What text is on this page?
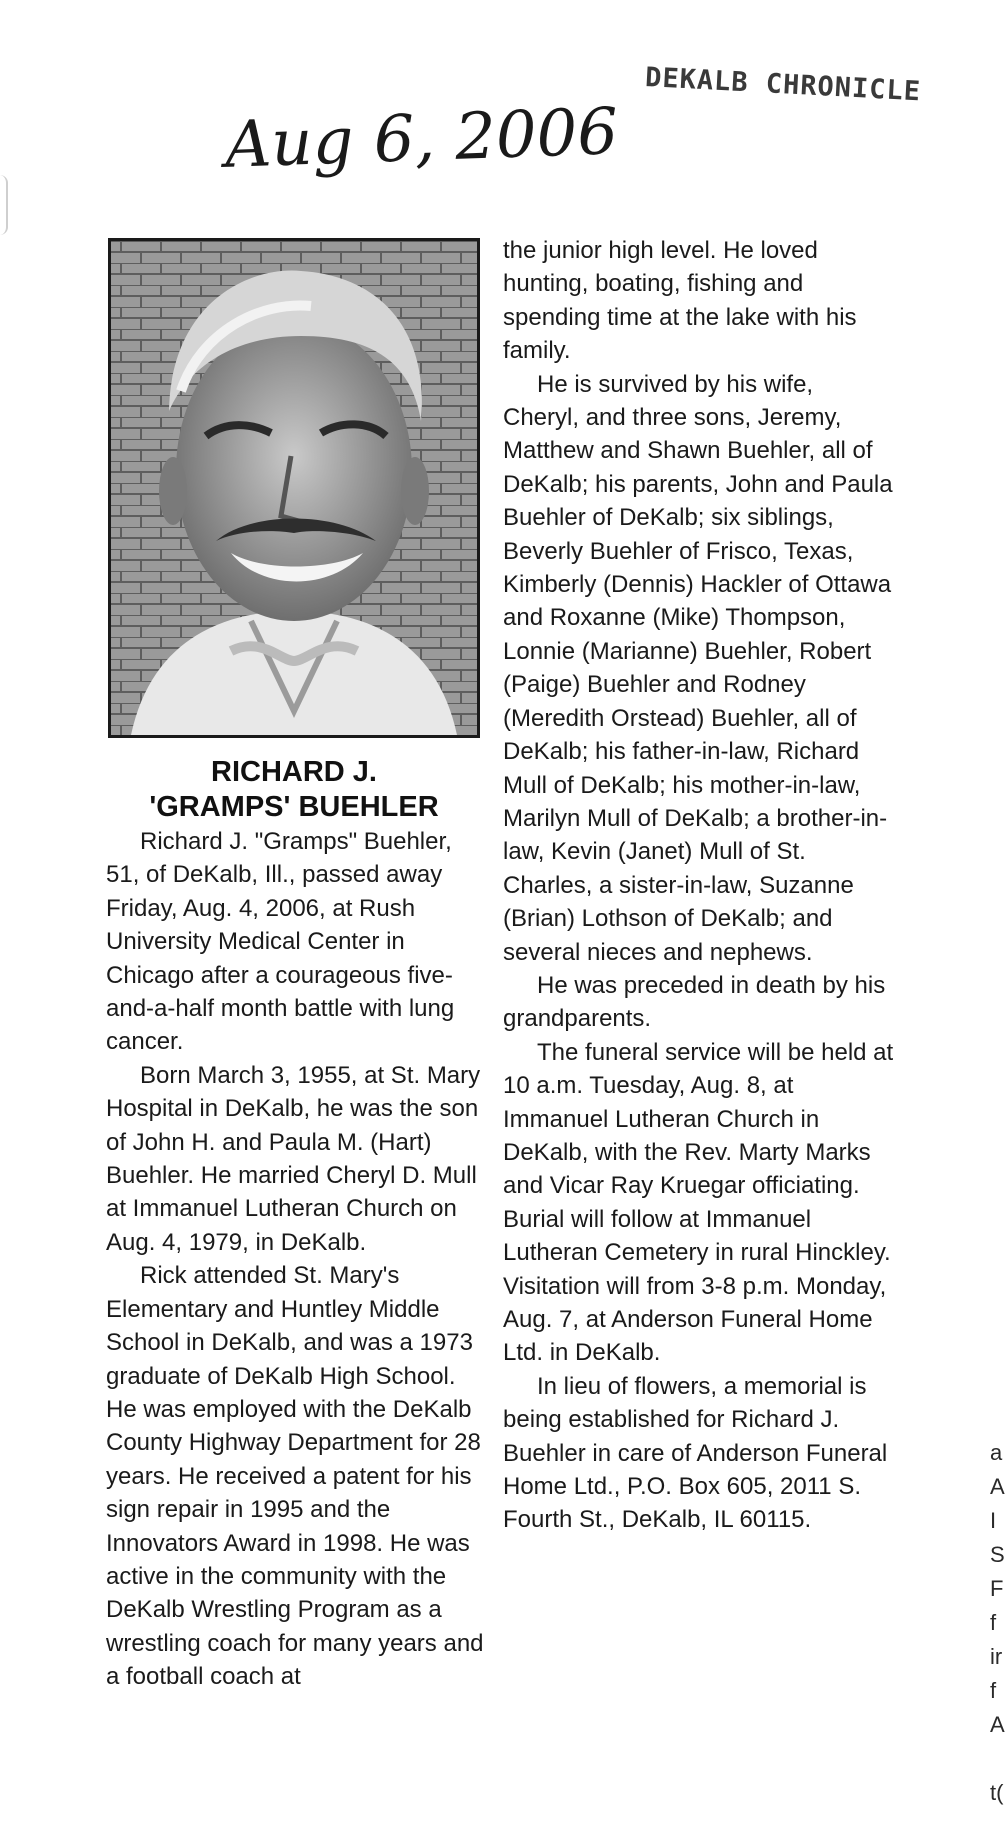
DEKALB CHRONICLE
Aug 6, 2006
RICHARD J.
'GRAMPS' BUEHLER

Richard J. "Gramps" Buehler, 51, of DeKalb, Ill., passed away Friday, Aug. 4, 2006, at Rush University Medical Center in Chicago after a courageous five-and-a-half month battle with lung cancer.

Born March 3, 1955, at St. Mary Hospital in DeKalb, he was the son of John H. and Paula M. (Hart) Buehler. He married Cheryl D. Mull at Immanuel Lutheran Church on Aug. 4, 1979, in DeKalb.

Rick attended St. Mary's Elementary and Huntley Middle School in DeKalb, and was a 1973 graduate of DeKalb High School. He was employed with the DeKalb County Highway Department for 28 years. He received a patent for his sign repair in 1995 and the Innovators Award in 1998. He was active in the community with the DeKalb Wrestling Program as a wrestling coach for many years and a football coach at

the junior high level. He loved hunting, boating, fishing and spending time at the lake with his family.

He is survived by his wife, Cheryl, and three sons, Jeremy, Matthew and Shawn Buehler, all of DeKalb; his parents, John and Paula Buehler of DeKalb; six siblings, Beverly Buehler of Frisco, Texas, Kimberly (Dennis) Hackler of Ottawa and Roxanne (Mike) Thompson, Lonnie (Marianne) Buehler, Robert (Paige) Buehler and Rodney (Meredith Orstead) Buehler, all of DeKalb; his father-in-law, Richard Mull of DeKalb; his mother-in-law, Marilyn Mull of DeKalb; a brother-in-law, Kevin (Janet) Mull of St. Charles, a sister-in-law, Suzanne (Brian) Lothson of DeKalb; and several nieces and nephews.

He was preceded in death by his grandparents.

The funeral service will be held at 10 a.m. Tuesday, Aug. 8, at Immanuel Lutheran Church in DeKalb, with the Rev. Marty Marks and Vicar Ray Kruegar officiating. Burial will follow at Immanuel Lutheran Cemetery in rural Hinckley. Visitation will from 3-8 p.m. Monday, Aug. 7, at Anderson Funeral Home Ltd. in DeKalb.

In lieu of flowers, a memorial is being established for Richard J. Buehler in care of Anderson Funeral Home Ltd., P.O. Box 605, 2011 S. Fourth St., DeKalb, IL 60115.

a
A
I
S
F
f
ir
f
A
t(
